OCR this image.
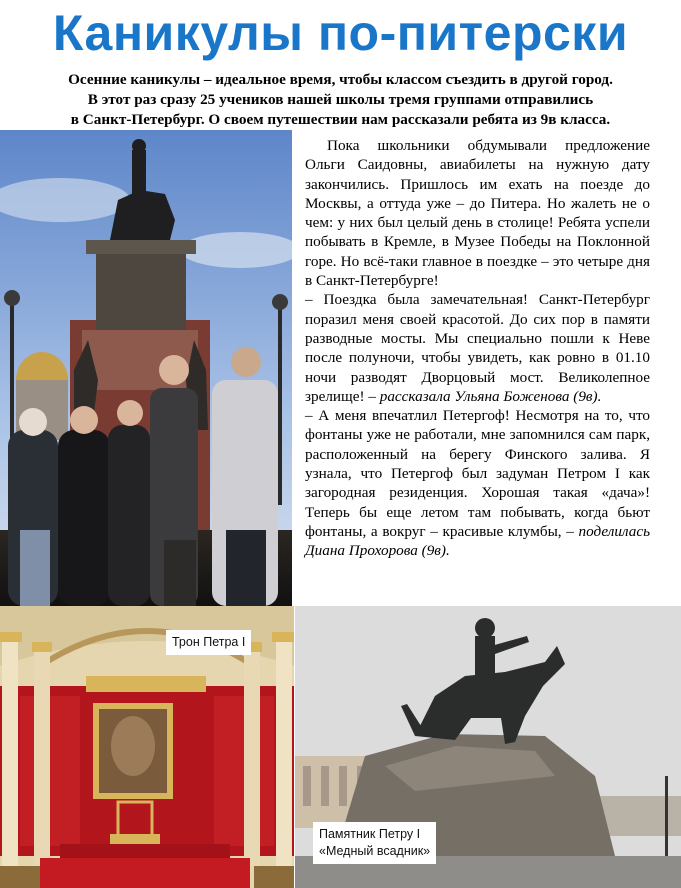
Каникулы по-питерски
Осенние каникулы – идеальное время, чтобы классом съездить в другой город.
В этот раз сразу 25 учеников нашей школы тремя группами отправились
в Санкт-Петербург. О своем путешествии нам рассказали ребята из 9в класса.

Пока школьники обдумывали предложение Ольги Саидовны, авиабилеты на нужную дату закончились. Пришлось им ехать на поезде до Москвы, а оттуда уже – до Питера. Но жалеть не о чем: у них был целый день в столице! Ребята успели побывать в Кремле, в Музее Победы на Поклонной горе. Но всё-таки главное в поездке – это четыре дня в Санкт-Петербурге!

– Поездка была замечательная! Санкт-Петербург поразил меня своей красотой. До сих пор в памяти разводные мосты. Мы специально пошли к Неве после полуночи, чтобы увидеть, как ровно в 01.10 ночи разводят Дворцовый мост. Великолепное зрелище! – рассказала Ульяна Боженова (9в).

– А меня впечатлил Петергоф! Несмотря на то, что фонтаны уже не работали, мне запомнился сам парк, расположенный на берегу Финского залива. Я узнала, что Петергоф был задуман Петром I как загородная резиденция. Хорошая такая «дача»! Теперь бы еще летом там побывать, когда бьют фонтаны, а вокруг – красивые клумбы, – поделилась Диана Прохорова (9в).

Трон Петра I
Памятник Петру I
«Медный всадник»
